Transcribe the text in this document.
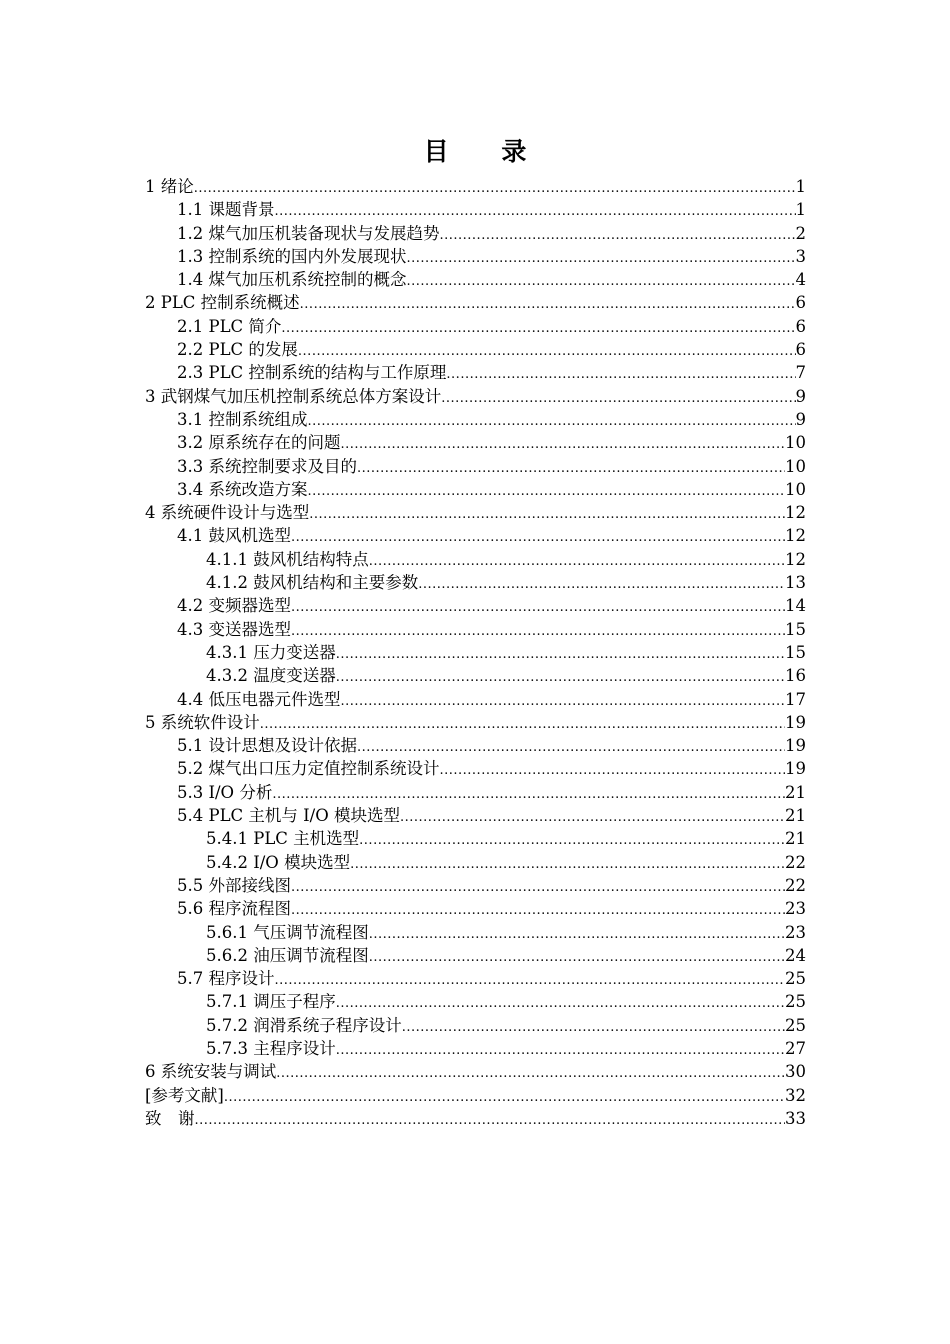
目 录
1 绪论 .....	1
1.1 课题背景 .....	1
1.2 煤气加压机装备现状与发展趋势 .....	2
1.3 控制系统的国内外发展现状 .....	3
1.4 煤气加压机系统控制的概念 .....	4
2 PLC 控制系统概述 .....	6
2.1 PLC 简介 .....	6
2.2 PLC 的发展 .....	6
2.3 PLC 控制系统的结构与工作原理 .....	7
3 武钢煤气加压机控制系统总体方案设计 .....	9
3.1 控制系统组成 .....	9
3.2 原系统存在的问题 .....	10
3.3 系统控制要求及目的 .....	10
3.4 系统改造方案 .....	10
4 系统硬件设计与选型 .....	12
4.1 鼓风机选型 .....	12
4.1.1 鼓风机结构特点 .....	12
4.1.2 鼓风机结构和主要参数 .....	13
4.2 变频器选型 .....	14
4.3 变送器选型 .....	15
4.3.1 压力变送器 .....	15
4.3.2 温度变送器 .....	16
4.4 低压电器元件选型 .....	17
5 系统软件设计 .....	19
5.1 设计思想及设计依据 .....	19
5.2 煤气出口压力定值控制系统设计 .....	19
5.3 I/O 分析 .....	21
5.4 PLC 主机与 I/O 模块选型 .....	21
5.4.1 PLC 主机选型 .....	21
5.4.2 I/O 模块选型 .....	22
5.5 外部接线图 .....	22
5.6 程序流程图 .....	23
5.6.1 气压调节流程图 .....	23
5.6.2 油压调节流程图 .....	24
5.7 程序设计 .....	25
5.7.1 调压子程序 .....	25
5.7.2 润滑系统子程序设计 .....	25
5.7.3 主程序设计 .....	27
6 系统安装与调试 .....	30
[参考文献] .....	32
致　谢 .....	33
